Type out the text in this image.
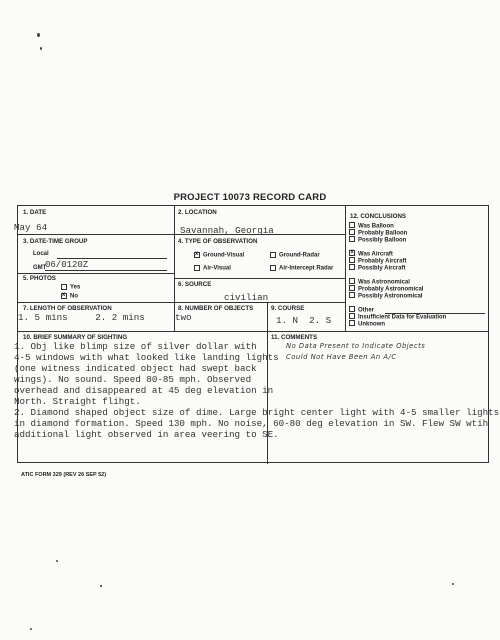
PROJECT 10073 RECORD CARD
1. DATE
May 64
2. LOCATION
Savannah, Georgia
3. DATE-TIME GROUP
Local
GMT
06/0120Z
4. TYPE OF OBSERVATION
x Ground-Visual	Ground-Radar
Air-Visual	Air-Intercept Radar
5. PHOTOS
Yes
x No
6. SOURCE
civilian
7. LENGTH OF OBSERVATION
1. 5 mins     2. 2 mins
8. NUMBER OF OBJECTS
two
9. COURSE
1. N  2. S
10. BRIEF SUMMARY OF SIGHTING
1. Obj like blimp size of silver dollar with
4-5 windows with what looked like landing lights
(one witness indicated object had swept back
wings). No sound. Speed 80-85 mph. Observed
overhead and disappeared at 45 deg elevation in
North. Straight flihgt.
2. Diamond shaped object size of dime. Large bright center light with 4-5 smaller lights
in diamond formation. Speed 130 mph. No noise, 60-80 deg elevation in SW. Flew SW wtih
additional light observed in area veering to SE.
11. COMMENTS
No Data Present to Indicate Objects
Could Not Have Been An A/C
12. CONCLUSIONS
Was Balloon
Probably Balloon
Possibly Balloon
x Was Aircraft
Probably Aircraft
Possibly Aircraft
Was Astronomical
Probably Astronomical
Possibly Astronomical
Other
Insufficient Data for Evaluation
Unknown
ATIC FORM 329 (REV 26 SEP 52)
